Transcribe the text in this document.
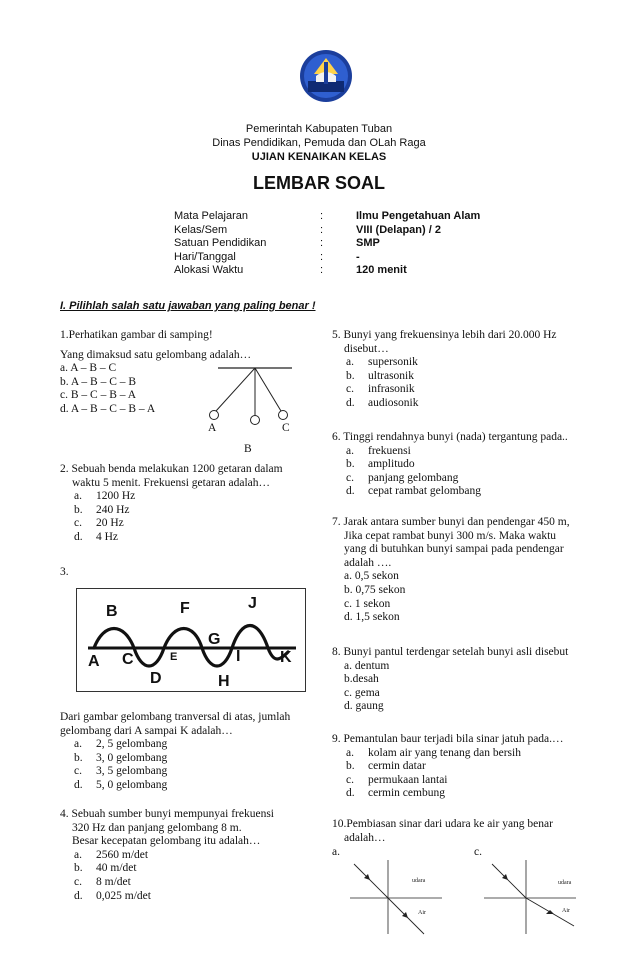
Pemerintah Kabupaten Tuban
Dinas Pendidikan, Pemuda dan OLah Raga
UJIAN KENAIKAN KELAS
LEMBAR SOAL
Mata Pelajaran	:	Ilmu Pengetahuan Alam
Kelas/Sem	:	VIII (Delapan) / 2
Satuan Pendidikan	:	SMP
Hari/Tanggal	:	-
Alokasi Waktu	:	120 menit
I. Pilihlah salah satu jawaban yang paling benar !

1.Perhatikan gambar di samping!

Yang dimaksud satu gelombang adalah…

a. A – B – C

b. A – B – C – B

c. B – C – B – A

d. A – B – C – B – A

A	C
B

2. Sebuah benda melakukan 1200 getaran dalam

waktu 5 menit. Frekuensi getaran adalah…

a. 1200 Hz

b. 240 Hz

c. 20 Hz

d. 4 Hz

3.
B	F	J
A C	E
G
I K
D	H

Dari gambar gelombang tranversal di atas, jumlah

gelombang dari A sampai K adalah…

a. 2, 5 gelombang

b. 3, 0 gelombang

c. 3, 5 gelombang

d. 5, 0 gelombang

4. Sebuah sumber bunyi mempunyai frekuensi

320 Hz dan panjang gelombang 8 m.

Besar kecepatan gelombang itu adalah…

a. 2560 m/det

b. 40 m/det

c. 8 m/det

d. 0,025 m/det

5. Bunyi yang frekuensinya lebih dari 20.000 Hz

disebut…

a. supersonik

b. ultrasonik

c. infrasonik

d. audiosonik

6. Tinggi rendahnya bunyi (nada) tergantung pada..

a. frekuensi

b. amplitudo

c. panjang gelombang

d. cepat rambat gelombang

7. Jarak antara sumber bunyi dan pendengar 450 m,

Jika cepat rambat bunyi 300 m/s. Maka waktu

yang di butuhkan bunyi sampai pada pendengar

adalah ….

a. 0,5 sekon

b. 0,75 sekon

c. 1 sekon

d. 1,5 sekon

8. Bunyi pantul terdengar setelah bunyi asli disebut

a. dentum

b.desah

c. gema

d. gaung

9. Pemantulan baur terjadi bila sinar jatuh pada.…

a. kolam air yang tenang dan bersih

b. cermin datar

c. permukaan lantai

d. cermin cembung

10.Pembiasan sinar dari udara ke air yang benar

adalah…

a.	c.
udara
Air
udara
Air
